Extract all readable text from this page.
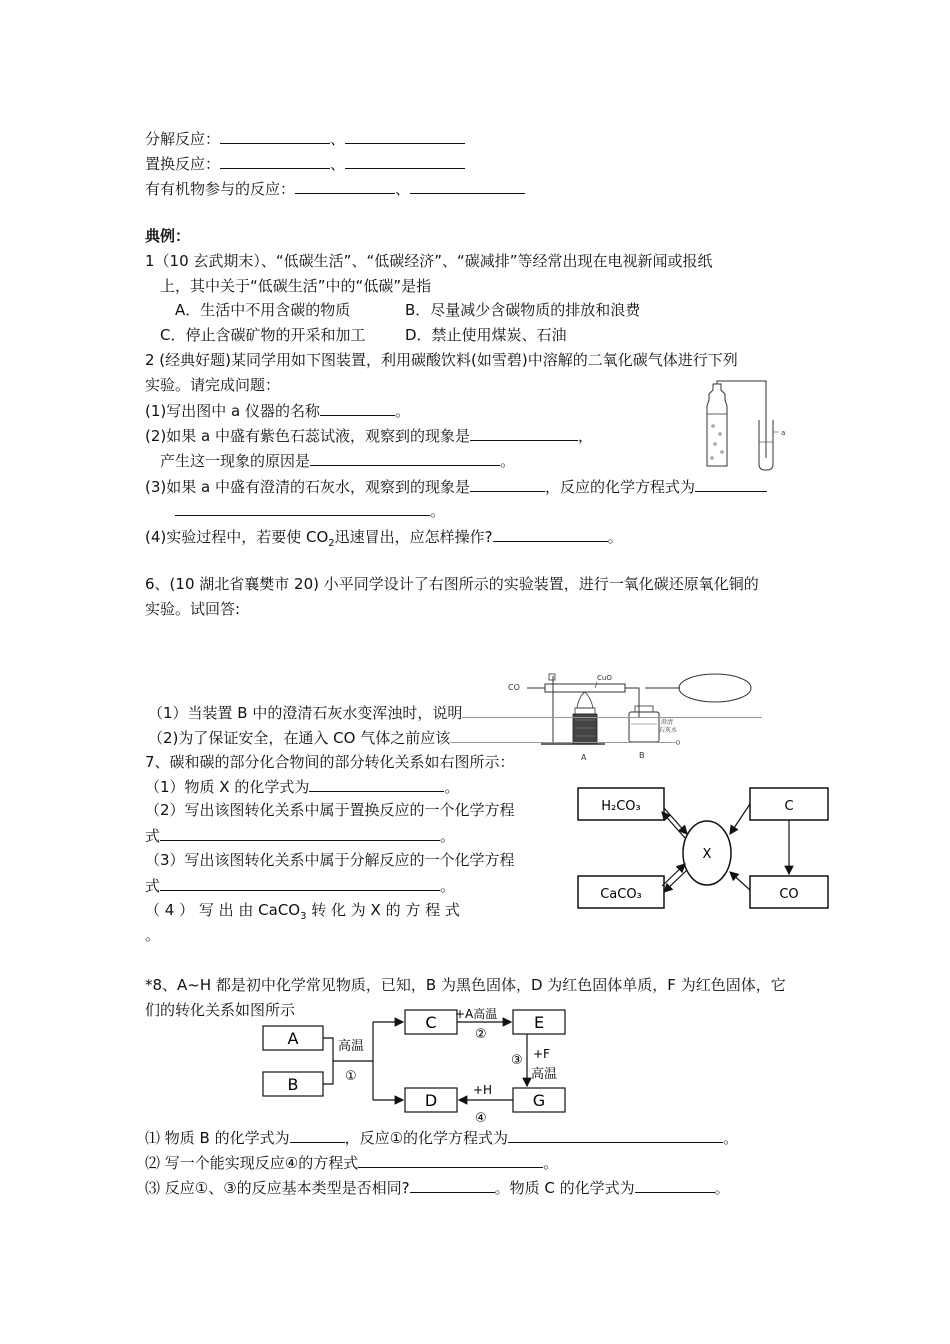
分解反应：	、
置换反应：	、
有有机物参与的反应：	、
典例：
1（10 玄武期末）、“低碳生活”、“低碳经济”、“碳减排”等经常出现在电视新闻或报纸
上，其中关于“低碳生活”中的“低碳”是指
A．生活中不用含碳的物质	B．尽量减少含碳物质的排放和浪费
C．停止含碳矿物的开采和加工	D．禁止使用煤炭、石油
2 (经典好题)某同学用如下图装置，利用碳酸饮料(如雪碧)中溶解的二氧化碳气体进行下列
实验。请完成问题：
(1)写出图中 a 仪器的名称	。
(2)如果 a 中盛有紫色石蕊试液，观察到的现象是	，
产生这一现象的原因是	。
(3)如果 a 中盛有澄清的石灰水，观察到的现象是	，反应的化学方程式为
。
(4)实验过程中，若要使 $CO_2$迅速冒出，应怎样操作?	。
a
6、(10 湖北省襄樊市 20) 小平同学设计了右图所示的实验装置，进行一氧化碳还原氧化铜的
实验。试回答:
CO
CuO
A
澄清
石灰水
B
（1）当装置 B 中的澄清石灰水变浑浊时，说明
（2)为了保证安全，在通入 CO 气体之前应该	。
7、碳和碳的部分化合物间的部分转化关系如右图所示：
（1）物质 X 的化学式为	。
（2）写出该图转化关系中属于置换反应的一个化学方程
式	。
（3）写出该图转化关系中属于分解反应的一个化学方程
式	。
（ 4 ） 写 出 由 CaCO$_3$ 转 化 为 X 的 方 程 式
。
H₂CO₃	C
CaCO₃	CO
X
*8、A~H 都是初中化学常见物质，已知，B 为黑色固体，D 为红色固体单质，F 为红色固体，它
们的转化关系如图所示
A
B
高温
①
C +A高温
②
E
③ +F
高温
G
+H
④
D
⑴ 物质 B 的化学式为	，反应①的化学方程式为	。
⑵ 写一个能实现反应④的方程式	。
⑶ 反应①、③的反应基本类型是否相同?	。物质 C 的化学式为	。
